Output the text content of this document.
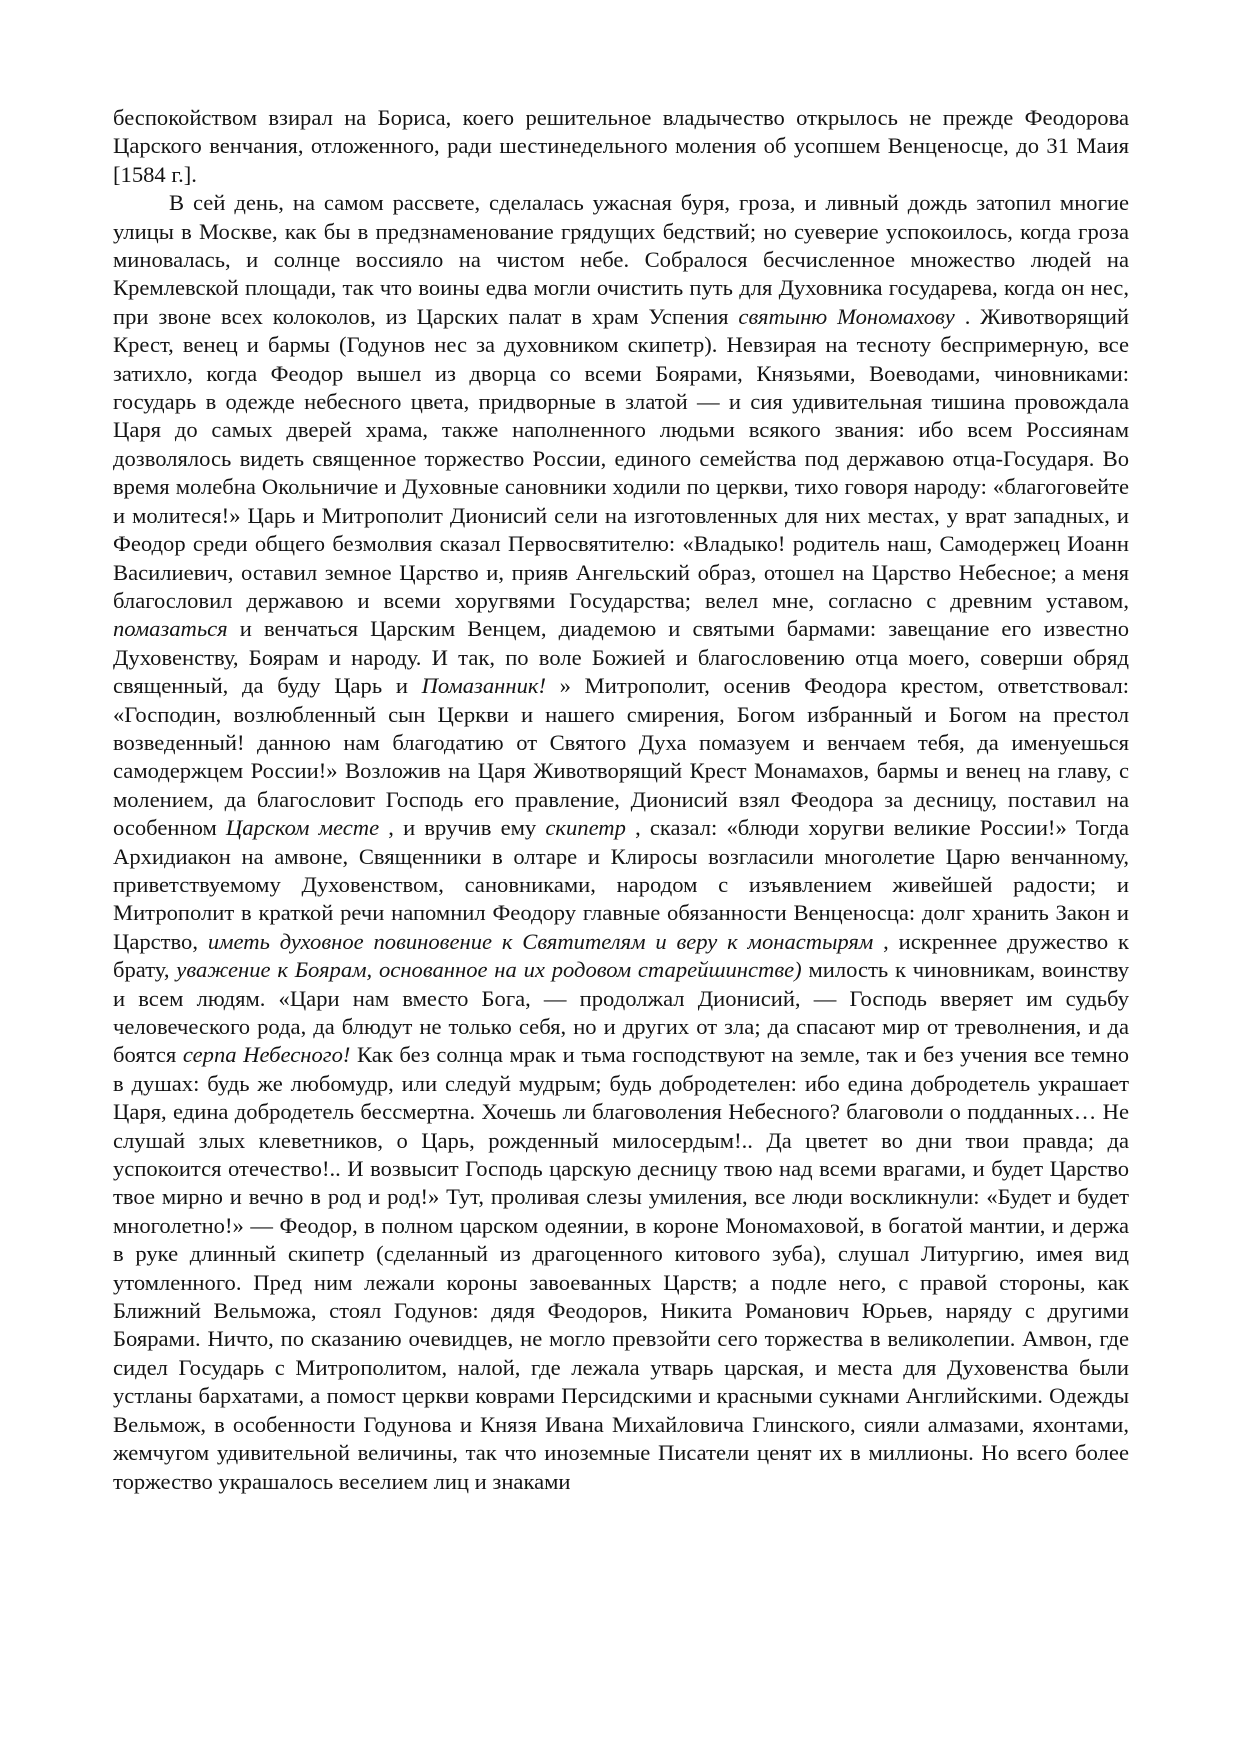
беспокойством взирал на Бориса, коего решительное владычество открылось не прежде Феодорова Царского венчания, отложенного, ради шестинедельного моления об усопшем Венценосце, до 31 Маия [1584 г.].

В сей день, на самом рассвете, сделалась ужасная буря, гроза, и ливный дождь затопил многие улицы в Москве, как бы в предзнаменование грядущих бедствий; но суеверие успокоилось, когда гроза миновалась, и солнце воссияло на чистом небе. Собралося бесчисленное множество людей на Кремлевской площади, так что воины едва могли очистить путь для Духовника государева, когда он нес, при звоне всех колоколов, из Царских палат в храм Успения святыню Мономахову . Животворящий Крест, венец и бармы (Годунов нес за духовником скипетр). Невзирая на тесноту беспримерную, все затихло, когда Феодор вышел из дворца со всеми Боярами, Князьями, Воеводами, чиновниками: государь в одежде небесного цвета, придворные в златой — и сия удивительная тишина провождала Царя до самых дверей храма, также наполненного людьми всякого звания: ибо всем Россиянам дозволялось видеть священное торжество России, единого семейства под державою отца-Государя. Во время молебна Окольничие и Духовные сановники ходили по церкви, тихо говоря народу: «благоговейте и молитеся!» Царь и Митрополит Дионисий сели на изготовленных для них местах, у врат западных, и Феодор среди общего безмолвия сказал Первосвятителю: «Владыко! родитель наш, Самодержец Иоанн Василиевич, оставил земное Царство и, прияв Ангельский образ, отошел на Царство Небесное; а меня благословил державою и всеми хоругвями Государства; велел мне, согласно с древним уставом, помазаться и венчаться Царским Венцем, диадемою и святыми бармами: завещание его известно Духовенству, Боярам и народу. И так, по воле Божией и благословению отца моего, соверши обряд священный, да буду Царь и Помазанник! » Митрополит, осенив Феодора крестом, ответствовал: «Господин, возлюбленный сын Церкви и нашего смирения, Богом избранный и Богом на престол возведенный! данною нам благодатию от Святого Духа помазуем и венчаем тебя, да именуешься самодержцем России!» Возложив на Царя Животворящий Крест Монамахов, бармы и венец на главу, с молением, да благословит Господь его правление, Дионисий взял Феодора за десницу, поставил на особенном Царском месте , и вручив ему скипетр , сказал: «блюди хоругви великие России!» Тогда Архидиакон на амвоне, Священники в олтаре и Клиросы возгласили многолетие Царю венчанному, приветствуемому Духовенством, сановниками, народом с изъявлением живейшей радости; и Митрополит в краткой речи напомнил Феодору главные обязанности Венценосца: долг хранить Закон и Царство, иметь духовное повиновение к Святителям и веру к монастырям , искреннее дружество к брату, уважение к Боярам, основанное на их родовом старейшинстве) милость к чиновникам, воинству и всем людям. «Цари нам вместо Бога, — продолжал Дионисий, — Господь вверяет им судьбу человеческого рода, да блюдут не только себя, но и других от зла; да спасают мир от треволнения, и да боятся серпа Небесного! Как без солнца мрак и тьма господствуют на земле, так и без учения все темно в душах: будь же любомудр, или следуй мудрым; будь добродетелен: ибо едина добродетель украшает Царя, едина добродетель бессмертна. Хочешь ли благоволения Небесного? благоволи о подданных… Не слушай злых клеветников, о Царь, рожденный милосердым!.. Да цветет во дни твои правда; да успокоится отечество!.. И возвысит Господь царскую десницу твою над всеми врагами, и будет Царство твое мирно и вечно в род и род!» Тут, проливая слезы умиления, все люди воскликнули: «Будет и будет многолетно!» — Феодор, в полном царском одеянии, в короне Мономаховой, в богатой мантии, и держа в руке длинный скипетр (сделанный из драгоценного китового зуба), слушал Литургию, имея вид утомленного. Пред ним лежали короны завоеванных Царств; а подле него, с правой стороны, как Ближний Вельможа, стоял Годунов: дядя Феодоров, Никита Романович Юрьев, наряду с другими Боярами. Ничто, по сказанию очевидцев, не могло превзойти сего торжества в великолепии. Амвон, где сидел Государь с Митрополитом, налой, где лежала утварь царская, и места для Духовенства были устланы бархатами, а помост церкви коврами Персидскими и красными сукнами Английскими. Одежды Вельмож, в особенности Годунова и Князя Ивана Михайловича Глинского, сияли алмазами, яхонтами, жемчугом удивительной величины, так что иноземные Писатели ценят их в миллионы. Но всего более торжество украшалось веселием лиц и знаками
